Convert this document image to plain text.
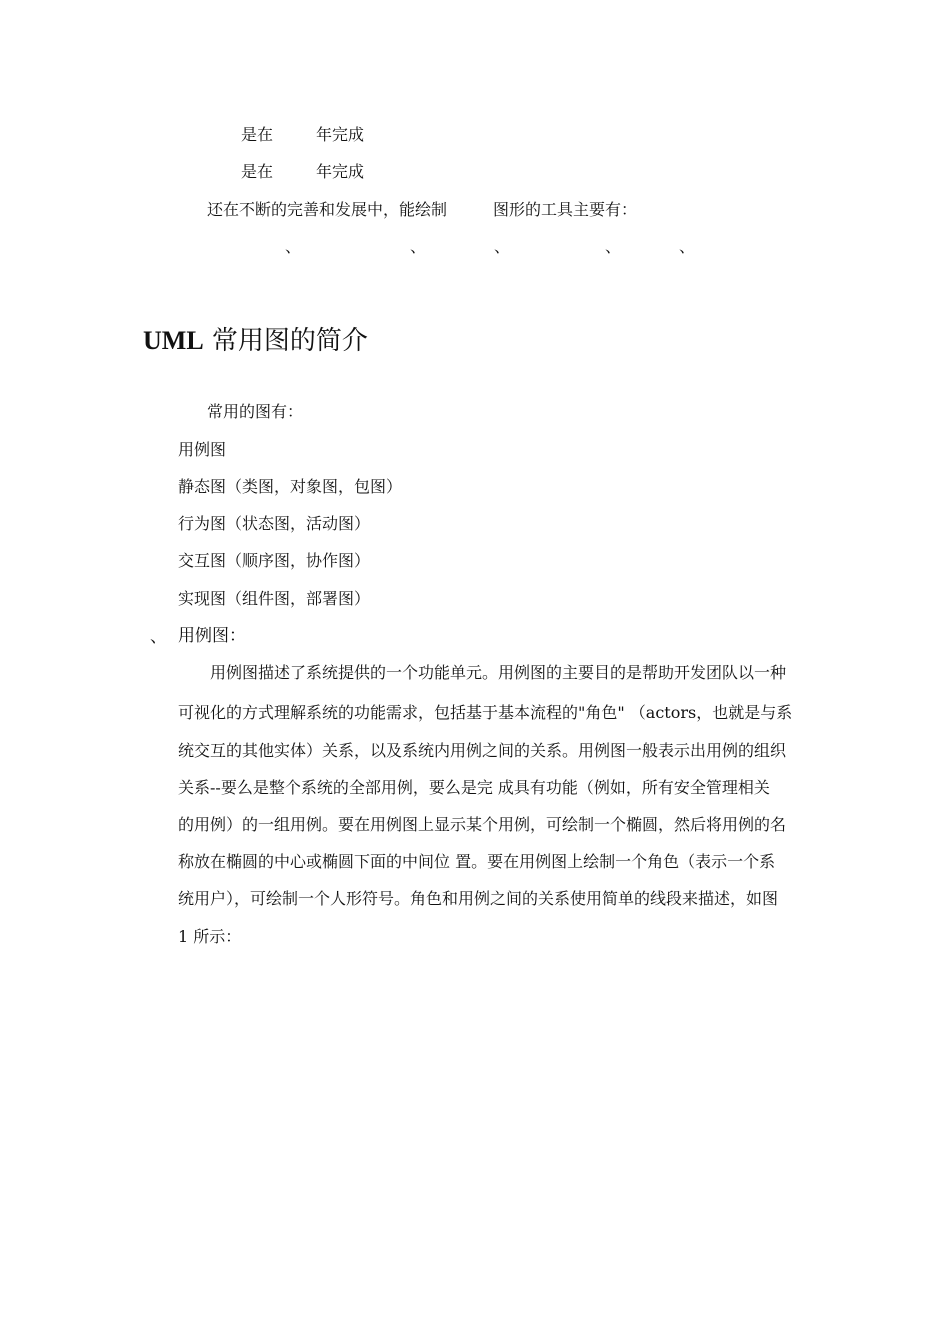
是在	年完成
是在	年完成
还在不断的完善和发展中，能绘制	图形的工具主要有：
、	、	、	、	、
UML 常用图的简介
常用的图有：
用例图
静态图（类图，对象图，包图）
行为图（状态图，活动图）
交互图（顺序图，协作图）
实现图（组件图，部署图）
、 用例图：
用例图描述了系统提供的一个功能单元。用例图的主要目的是帮助开发团队以一种
可视化的方式理解系统的功能需求，包括基于基本流程的"角色" （actors，也就是与系
统交互的其他实体）关系，以及系统内用例之间的关系。用例图一般表示出用例的组织
关系--要么是整个系统的全部用例，要么是完 成具有功能（例如，所有安全管理相关
的用例）的一组用例。要在用例图上显示某个用例，可绘制一个椭圆，然后将用例的名
称放在椭圆的中心或椭圆下面的中间位 置。要在用例图上绘制一个角色（表示一个系
统用户），可绘制一个人形符号。角色和用例之间的关系使用简单的线段来描述，如图
1 所示：
